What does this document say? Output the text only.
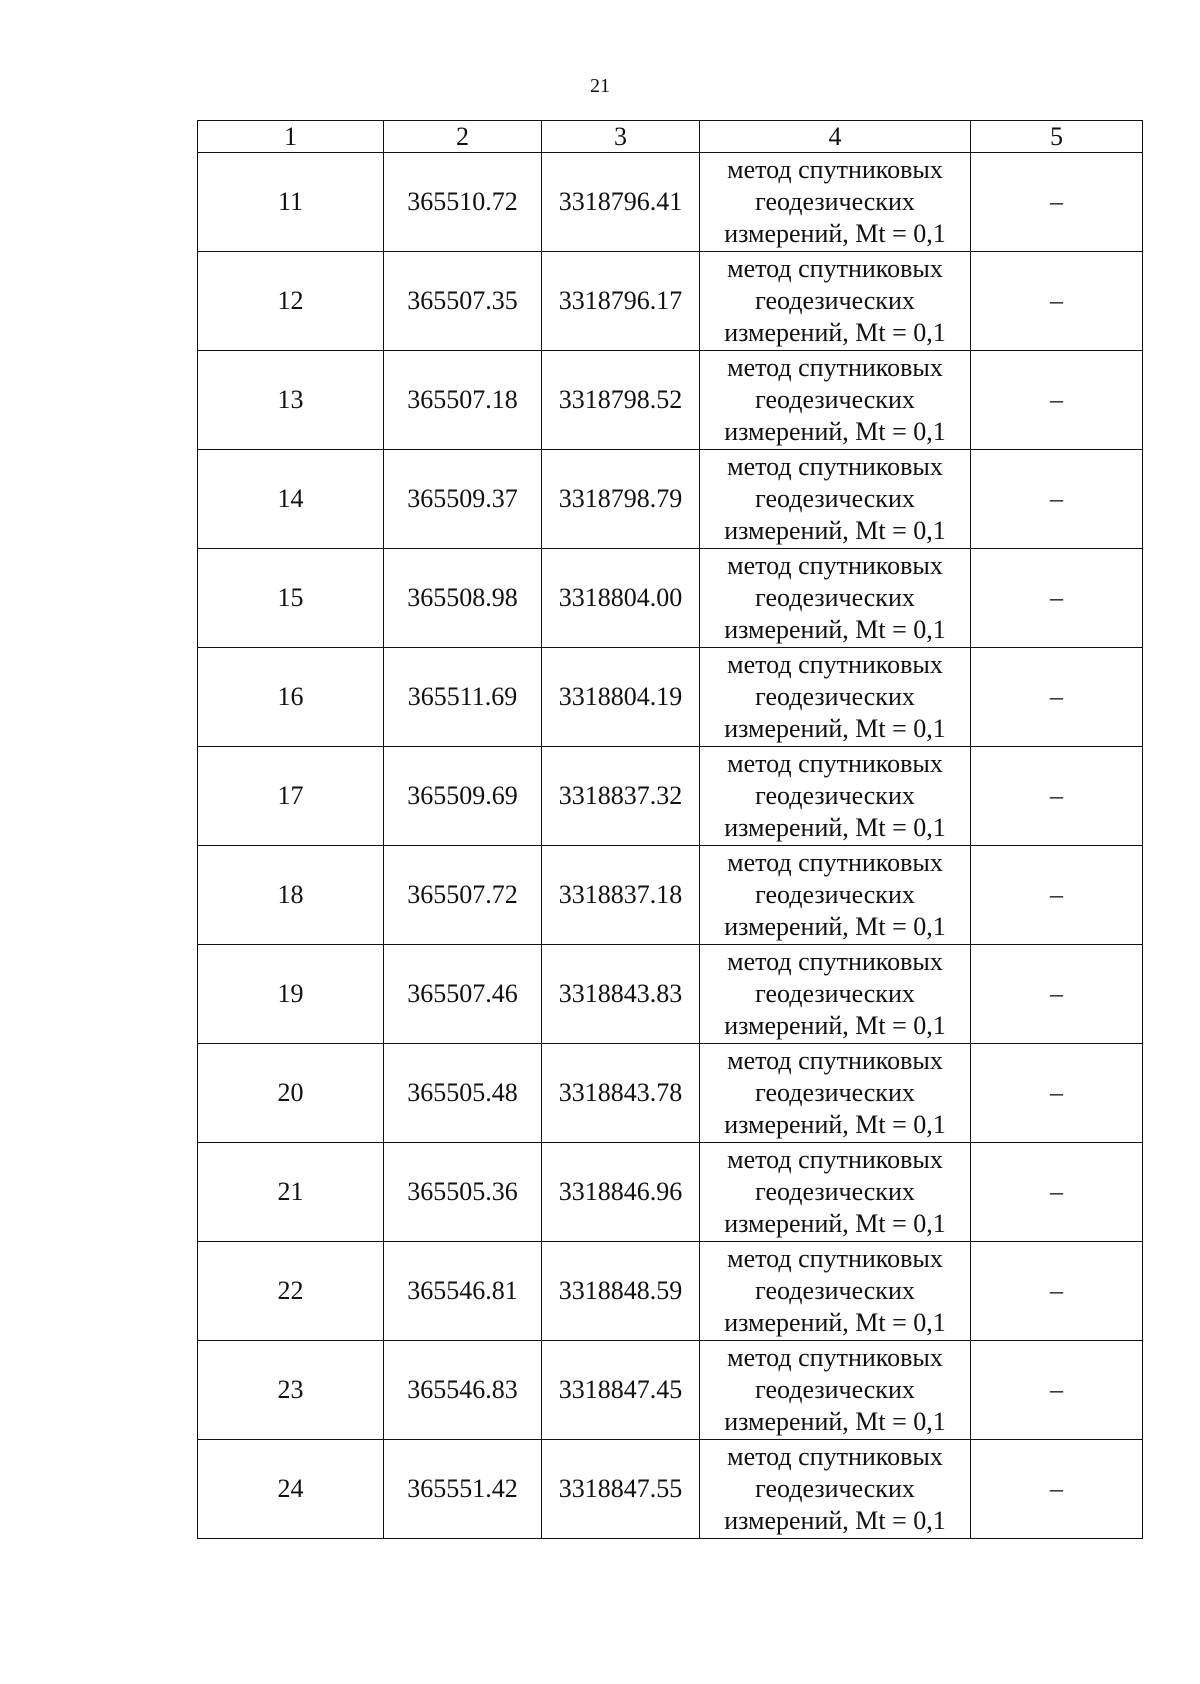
21
1	2	3	4	5
11	365510.72	3318796.41	метод спутниковых
геодезических
измерений, Mt = 0,1	–
12	365507.35	3318796.17	метод спутниковых
геодезических
измерений, Mt = 0,1	–
13	365507.18	3318798.52	метод спутниковых
геодезических
измерений, Mt = 0,1	–
14	365509.37	3318798.79	метод спутниковых
геодезических
измерений, Mt = 0,1	–
15	365508.98	3318804.00	метод спутниковых
геодезических
измерений, Mt = 0,1	–
16	365511.69	3318804.19	метод спутниковых
геодезических
измерений, Mt = 0,1	–
17	365509.69	3318837.32	метод спутниковых
геодезических
измерений, Mt = 0,1	–
18	365507.72	3318837.18	метод спутниковых
геодезических
измерений, Mt = 0,1	–
19	365507.46	3318843.83	метод спутниковых
геодезических
измерений, Mt = 0,1	–
20	365505.48	3318843.78	метод спутниковых
геодезических
измерений, Mt = 0,1	–
21	365505.36	3318846.96	метод спутниковых
геодезических
измерений, Mt = 0,1	–
22	365546.81	3318848.59	метод спутниковых
геодезических
измерений, Mt = 0,1	–
23	365546.83	3318847.45	метод спутниковых
геодезических
измерений, Mt = 0,1	–
24	365551.42	3318847.55	метод спутниковых
геодезических
измерений, Mt = 0,1	–
